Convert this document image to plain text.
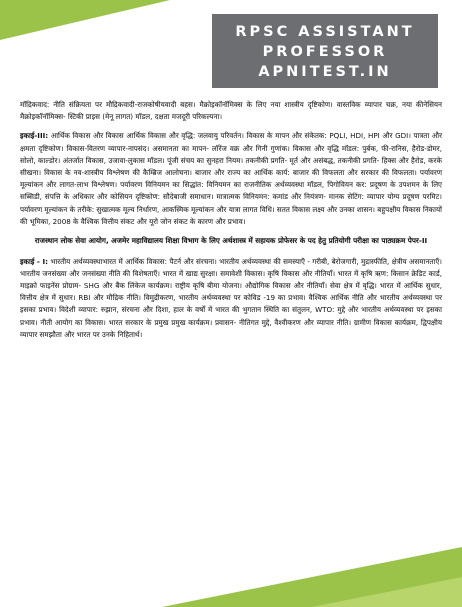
RPSC ASSISTANT
PROFESSOR
APNITEST.IN

मॉद्रिकवाद: नीति संक्रियता पर मौद्रिकवादी-राजकोषीयवादी बहस। मैक्रोइकॉनॉमिक्स के लिए नया शास्त्रीय दृष्टिकोण। वास्तविक व्यापार चक्र, नया कीनेसियन मैक्रोइकॉनॉमिक्स- स्टिकी प्राइस (मेनू लागत) मॉडल, दक्षता मजदूरी परिकल्पना।

इकाई-III: आर्थिक विकास और विकास आर्थिक विकास और वृद्धि: जलवायु परिवर्तन। विकास के मापन और संकेतक: PQLI, HDI, HPI और GDI। पात्रता और क्षमता दृष्टिकोण। विकास-वितरण व्यापार-नापसंद। असमानता का मापन- लॉरेंज वक्र और गिनी गुणांक। विकास और वृद्धि मॉडल: पुर्बक, फी-रानिस, हैरोड-डोमर, सोलो, काल्डोर। अंतर्जात विकास, उजावा-लुकास मॉडल। पूंजी संचय का सुनहरा नियम। तकनीकी प्रगति- मूर्त और असंबद्ध, तकनीकी प्रगति- हिक्स और हैरोड, करके सीखना। विकास के नव-शास्त्रीय विश्लेषण की कैम्ब्रिज आलोचना। बाजार और राज्य का आर्थिक कार्य: बाजार की विफलता और सरकार की विफलता। पर्यावरण मूल्यांकन और लागत-लाभ विश्लेषण। पर्यावरण विनियमन का सिद्धांत: विनियमन का राजनीतिक अर्थव्यवस्था मॉडल, पिगोवियन कर: प्रदूषण के उपशमन के लिए सब्सिडी, संपत्ति के अधिकार और कोसियन दृष्टिकोण: सौदेबाजी समाधान। मात्रात्मक विनियमन: कमांड और नियंत्रण- मानक सेटिंग: व्यापार योग्य प्रदूषण परमिट। पर्यावरण मूल्यांकन के तरीके: सुखात्मक मूल्य निर्धारण, आकस्मिक मूल्यांकन और यात्रा लागत विधि। सतत विकास लक्ष्य और उनका शासन। बहुपक्षीय विकास निकायों की भूमिका, 2008 के वैश्विक वित्तीय संकट और यूरो जोन संकट के कारण और प्रभाव।

राजस्थान लोक सेवा आयोग, अजमेर महाविद्यालय शिक्षा विभाग के लिए अर्थशास्त्र में सहायक प्रोफेसर के पद हेतु प्रतियोगी परीक्षा का पाठ्यक्रम पेपर-II

इकाई - I: भारतीय अर्थव्यवस्थाभारत में आर्थिक विकास: पैटर्न और संरचना। भारतीय अर्थव्यवस्था की समस्याएँ - गरीबी, बेरोजगारी, मुद्रास्फीति, क्षेत्रीय असमानताएँ। भारतीय जनसंख्या और जनसंख्या नीति की विशेषताएँ। भारत में खाद्य सुरक्षा। समावेशी विकास। कृषि विकास और नीतियाँ। भारत में कृषि ऋण: किसान क्रेडिट कार्ड, माइक्रो फाइनेंस प्रोग्राम- SHG और बैंक लिंकेज कार्यक्रम। राष्ट्रीय कृषि बीमा योजना। औद्योगिक विकास और नीतियाँ। सेवा क्षेत्र में वृद्धि। भारत में आर्थिक सुधार, वित्तीय क्षेत्र में सुधार। RBI और मौद्रिक नीति। विमुद्रीकरण, भारतीय अर्थव्यवस्था पर कोविड -19 का प्रभाव। वैश्विक आर्थिक नीति और भारतीय अर्थव्यवस्था पर इसका प्रभाव। विदेशी व्यापार: रुझान, संरचना और दिशा, हाल के वर्षों में भारत की भुगतान स्थिति का संतुलन, WTO: मुद्दे और भारतीय अर्थव्यवस्था पर इसका प्रभाव। नीती आयोग का विकास। भारत सरकार के प्रमुख प्रमुख कार्यक्रम। प्रवासन- नीतिगत मुद्दे, वैश्वीकरण और व्यापार नीति। ग्रामीण विकास कार्यक्रम, द्विपक्षीय व्यापार समझौता और भारत पर उनके निहितार्थ।
